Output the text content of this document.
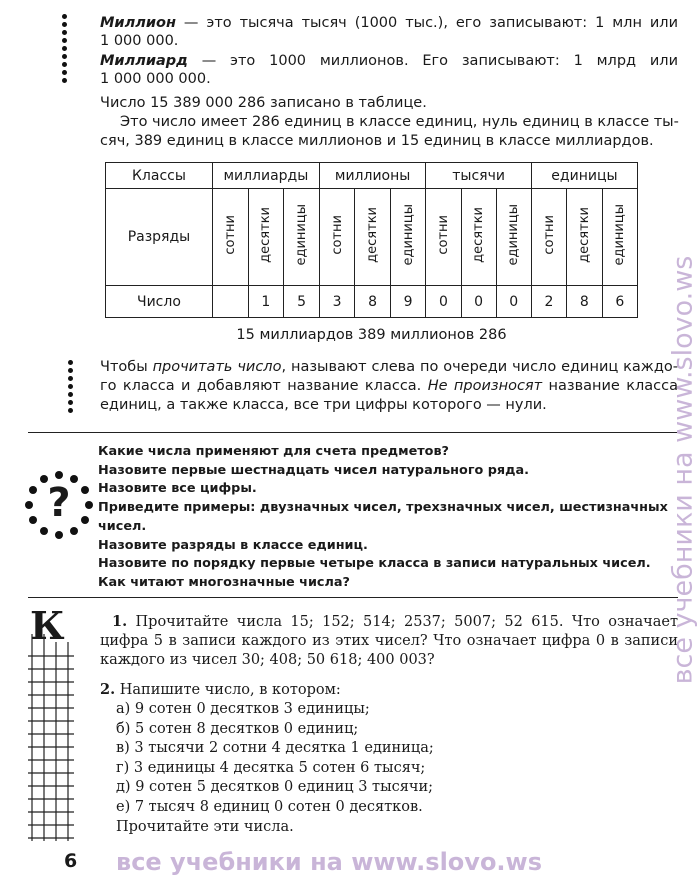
Миллион — это тысяча тысяч (1000 тыс.), его записывают: 1 млн или
1 000 000.
Миллиард — это 1000 миллионов. Его записывают: 1 млрд или
1 000 000 000.
Число 15 389 000 286 записано в таблице.
Это число имеет 286 единиц в классе единиц, нуль единиц в классе ты-
сяч, 389 единиц в классе миллионов и 15 единиц в классе миллиардов.
Классы	миллиарды			миллионы			тысячи			единицы		
Разряды	сотни	десятки	единицы	сотни	десятки	единицы	сотни	десятки	единицы	сотни	десятки	единицы
Число		1	5	3	8	9	0	0	0	2	8	6
15 миллиардов 389 миллионов 286
Чтобы прочитать число, называют слева по очереди число единиц каждо-
го класса и добавляют название класса. Не произносят название класса
единиц, а также класса, все три цифры которого — нули.
?
Какие числа применяют для счета предметов?
Назовите первые шестнадцать чисел натурального ряда.
Назовите все цифры.
Приведите примеры: двузначных чисел, трехзначных чисел, шестизначных
чисел.
Назовите разряды в классе единиц.
Назовите по порядку первые четыре класса в записи натуральных чисел.
Как читают многозначные числа?
К	1. Прочитайте числа 15; 152; 514; 2537; 5007; 52 615. Что означает
цифра 5 в записи каждого из этих чисел? Что означает цифра 0 в записи
каждого из чисел 30; 408; 50 618; 400 003?
2. Напишите число, в котором:
а) 9 сотен 0 десятков 3 единицы;
б) 5 сотен 8 десятков 0 единиц;
в) 3 тысячи 2 сотни 4 десятка 1 единица;
г) 3 единицы 4 десятка 5 сотен 6 тысяч;
д) 9 сотен 5 десятков 0 единиц 3 тысячи;
е) 7 тысяч 8 единиц 0 сотен 0 десятков.
Прочитайте эти числа.
6 все учебники на www.slovo.ws
все учебники на www.slovo.ws
